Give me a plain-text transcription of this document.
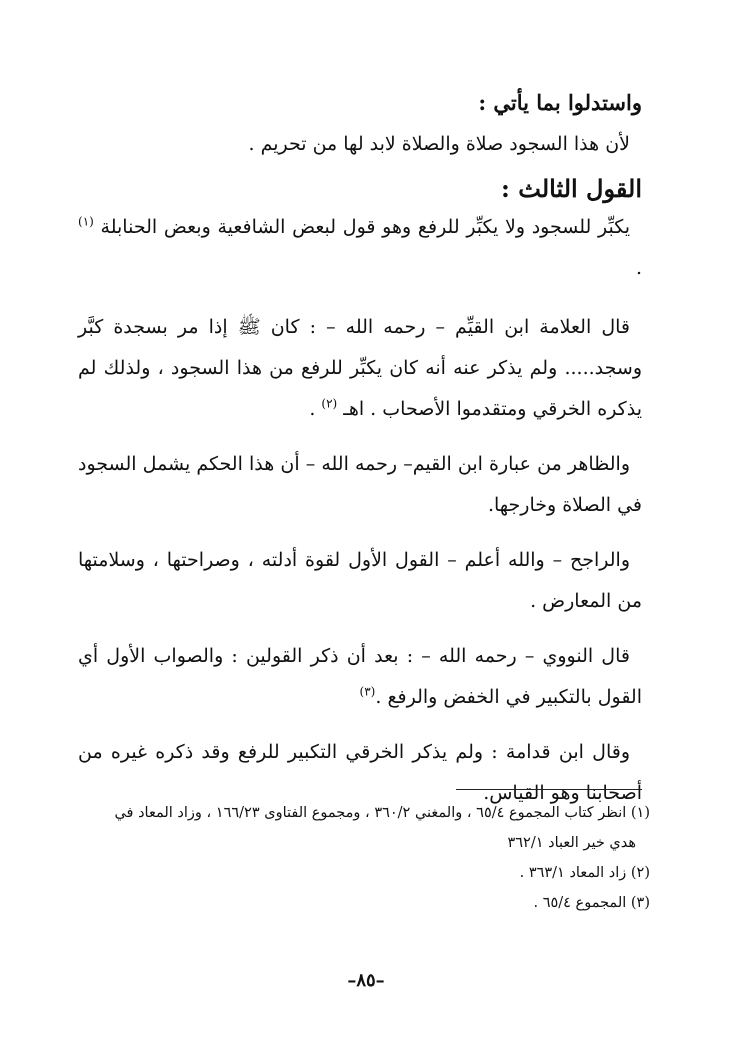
واستدلوا بما يأتي :

لأن هذا السجود صلاة والصلاة لابد لها من تحريم .

القول الثالث :

يكبِّر للسجود ولا يكبِّر للرفع وهو قول لبعض الشافعية وبعض الحنابلة $^{(١)}$ .

قال العلامة ابن القيِّم – رحمه الله – : كان ﷺ إذا مر بسجدة كبَّر وسجد..... ولم يذكر عنه أنه كان يكبِّر للرفع من هذا السجود ، ولذلك لم يذكره الخرقي ومتقدموا الأصحاب . اهـ $^{(٢)}$ .

والظاهر من عبارة ابن القيم– رحمه الله – أن هذا الحكم يشمل السجود في الصلاة وخارجها.

والراجح – والله أعلم – القول الأول لقوة أدلته ، وصراحتها ، وسلامتها من المعارض .

قال النووي – رحمه الله – : بعد أن ذكر القولين : والصواب الأول أي القول بالتكبير في الخفض والرفع .$^{(٣)}$

وقال ابن قدامة : ولم يذكر الخرقي التكبير للرفع وقد ذكره غيره من أصحابنا وهو القياس.

(١) انظر كتاب المجموع ٦٥/٤ ، والمغني ٣٦٠/٢ ، ومجموع الفتاوى ١٦٦/٢٣ ، وزاد المعاد في

هدي خير العباد ٣٦٢/١

(٢) زاد المعاد ٣٦٣/١ .

(٣) المجموع ٦٥/٤ .

–٨٥–
